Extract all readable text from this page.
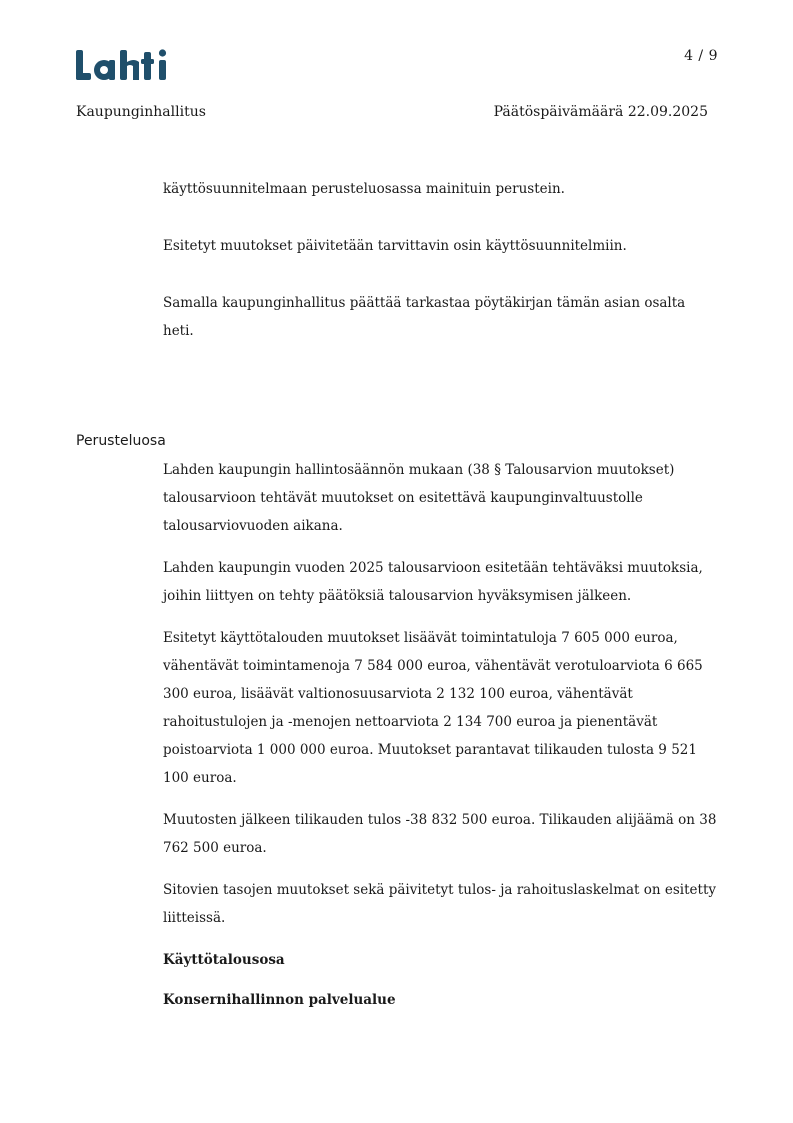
4 / 9
Kaupunginhallitus	Päätöspäivämäärä 22.09.2025

käyttösuunnitelmaan perusteluosassa mainituin perustein.

Esitetyt muutokset päivitetään tarvittavin osin käyttösuunnitelmiin.

Samalla kaupunginhallitus päättää tarkastaa pöytäkirjan tämän asian osalta heti.

Perusteluosa

Lahden kaupungin hallintosäännön mukaan (38 § Talousarvion muutokset) talousarvioon tehtävät muutokset on esitettävä kaupunginvaltuustolle talousarviovuoden aikana.

Lahden kaupungin vuoden 2025 talousarvioon esitetään tehtäväksi muutoksia, joihin liittyen on tehty päätöksiä talousarvion hyväksymisen jälkeen.

Esitetyt käyttötalouden muutokset lisäävät toimintatuloja 7 605 000 euroa, vähentävät toimintamenoja 7 584 000 euroa, vähentävät verotuloarviota 6 665 300 euroa, lisäävät valtionosuusarviota 2 132 100 euroa, vähentävät rahoitustulojen ja -menojen nettoarviota 2 134 700 euroa ja pienentävät poistoarviota 1 000 000 euroa. Muutokset parantavat tilikauden tulosta 9 521 100 euroa.

Muutosten jälkeen tilikauden tulos -38 832 500 euroa. Tilikauden alijäämä on 38 762 500 euroa.

Sitovien tasojen muutokset sekä päivitetyt tulos- ja rahoituslaskelmat on esitetty liitteissä.

Käyttötalousosa

Konsernihallinnon palvelualue
